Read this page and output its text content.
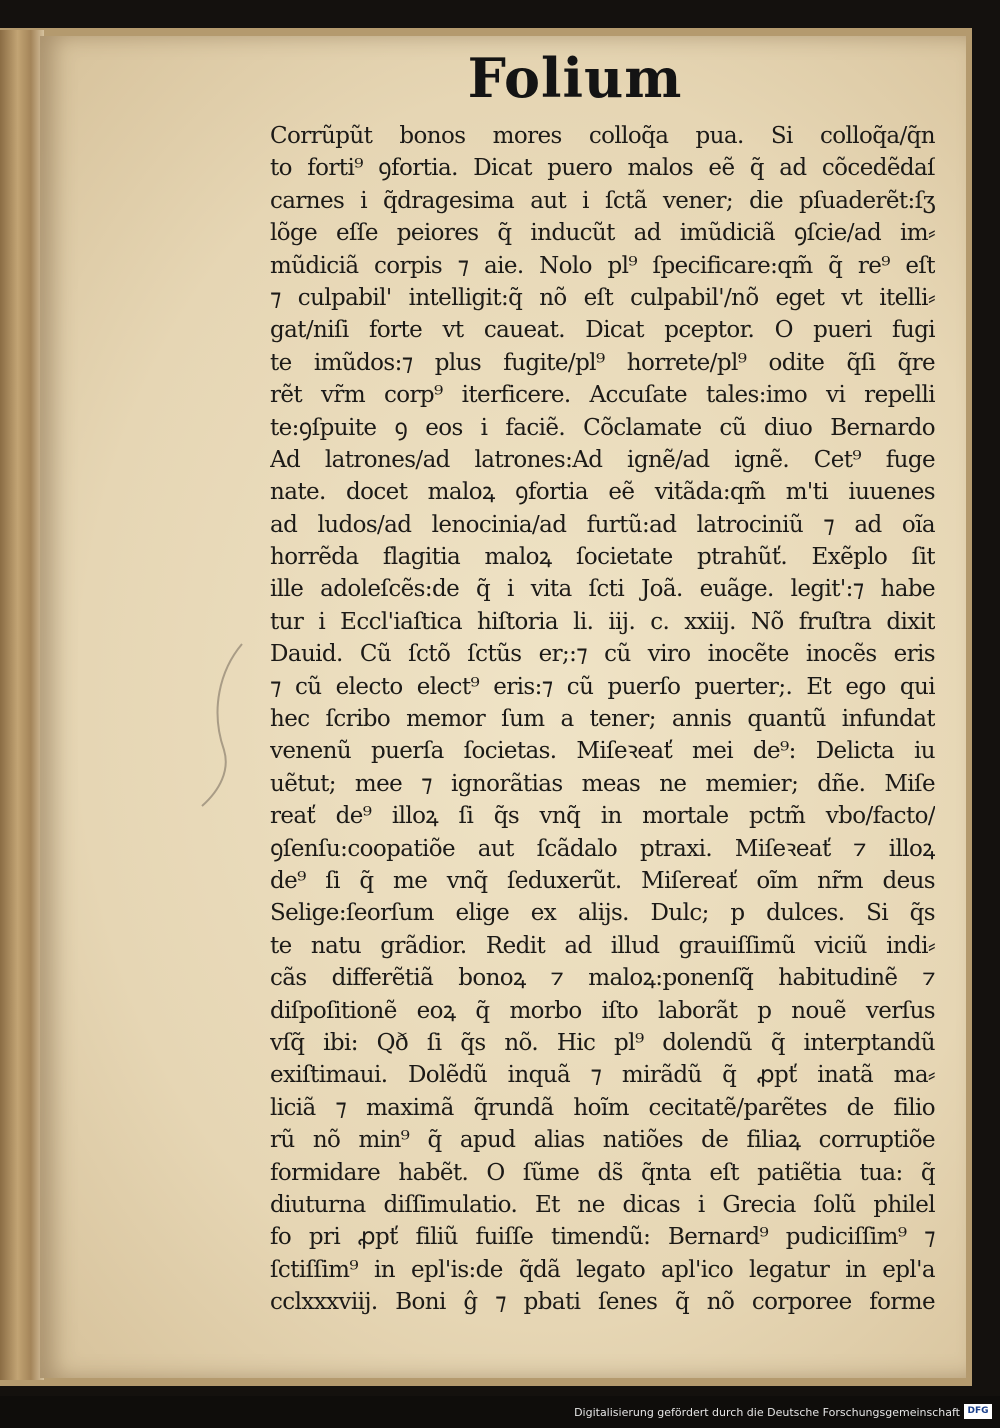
Folium
Corrũpũt bonos mores colloq̃a pua. Si colloq̃a/q̃n
to forti⁹ ꝯfortia. Dicat puero malos eẽ q̃ ad cõcedẽdaſ
carnes i q̃dragesima aut i ſctã vener; die pſuaderẽt:ſʒ
lõge eſſe peiores q̃ inducũt ad imũdiciã ꝯſcie/ad im⸗
mũdiciã corpis ⁊ aie. Nolo pl⁹ ſpecificare:qm̃ q̃ re⁹ eſt
⁊ culpabil' intelligit:q̃ nõ eſt culpabil'/nõ eget vt itelli⸗
gat/niſi forte vt caueat. Dicat pceptor. O pueri fugi
te imũdos:⁊ plus fugite/pl⁹ horrete/pl⁹ odite q̃ſi q̃re
rẽt vr̃m corp⁹ iterficere. Accuſate tales:imo vi repelli
te:ꝯſpuite ꝯ eos i faciẽ. Cõclamate cũ diuo Bernardo
Ad latrones/ad latrones:Ad ignẽ/ad ignẽ. Cet⁹ fuge
nate. docet maloꝝ ꝯfortia eẽ vitãda:qm̃ m'ti iuuenes
ad ludos/ad lenocinia/ad furtũ:ad latrociniũ ⁊ ad oĩa
horrẽda flagitia maloꝝ ſocietate ptrahũť. Exẽplo ſit
ille adoleſcẽs:de q̃ i vita ſcti Joã. euãge. legit':⁊ habe
tur i Eccl'iaſtica hiſtoria li. iij. c. xxiij. Nõ fruſtra dixit
Dauid. Cũ ſctõ ſctũs er;:⁊ cũ viro inocẽte inocẽs eris
⁊ cũ electo elect⁹ eris:⁊ cũ puerſo puerter;. Et ego qui
hec ſcribo memor ſum a tener; annis quantũ infundat
venenũ puerſa ſocietas. Miſeꝛeať mei de⁹: Delicta iu
uẽtut; mee ⁊ ignorãtias meas ne memier; dñe. Miſe
reať de⁹ illoꝝ ſi q̃s vnq̃ in mortale pctm̃ vbo/facto/
ꝯſenſu:coopatiõe aut ſcãdalo ptraxi. Miſeꝛeať ⁊ illoꝝ
de⁹ ſi q̃ me vnq̃ ſeduxerũt. Miſereať oĩm nr̃m deus
Selige:ſeorſum elige ex alijs. Dulc; p dulces. Si q̃s
te natu grãdior. Redit ad illud grauiſſimũ viciũ indi⸗
cãs differẽtiã bonoꝝ ⁊ maloꝝ:ponenſq̃ habitudinẽ ⁊
diſpoſitionẽ eoꝝ q̃ morbo iſto laborãt p nouẽ verſus
vſq̃ ibi: Qð ſi q̃s nõ. Hic pl⁹ dolendũ q̃ interptandũ
exiſtimaui. Dolẽdũ inquã ⁊ mirãdũ q̃ ꝓpť inatã ma⸗
liciã ⁊ maximã q̃rundã hoĩm cecitatẽ/parẽtes de filio
rũ nõ min⁹ q̃ apud alias natiões de filiaꝝ corruptiõe
formidare habẽt. O ſũme ds̃ q̃nta eſt patiẽtia tua: q̃
diuturna diſſimulatio. Et ne dicas i Grecia ſolũ philel
fo pri ꝓpť filiũ fuiſſe timendũ: Bernard⁹ pudiciſſim⁹ ⁊
ſctiſſim⁹ in epl'is:de q̃dã legato apl'ico legatur in epl'a
cclxxxviij. Boni ĝ ⁊ pbati ſenes q̃ nõ corporee forme
Digitalisierung gefördert durch die Deutsche Forschungsgemeinschaft DFG
